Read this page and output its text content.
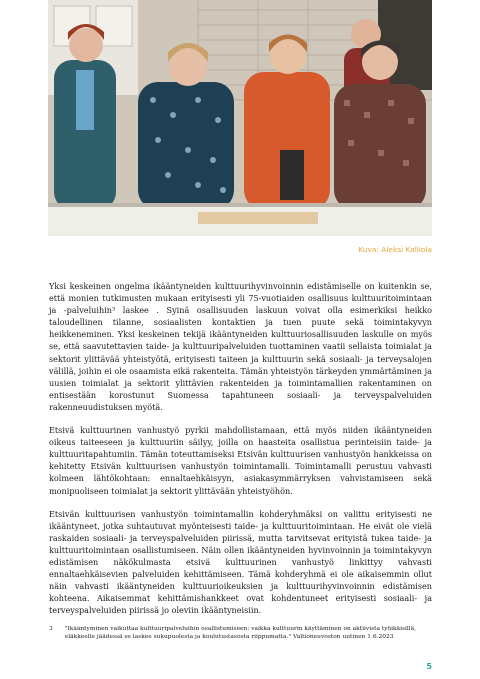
Kuva: Aleksi Kalliola

Yksi keskeinen ongelma ikääntyneiden kulttuurihyvinvoinnin edistämiselle on kuitenkin se, että monien tutkimusten mukaan erityisesti yli 75-vuotiaiden osallisuus kulttuuritoimintaan ja -palveluihin³ laskee . Syinä osallisuuden laskuun voivat olla esimerkiksi heikko taloudellinen tilanne, sosiaalisten kontaktien ja tuen puute sekä toimintakyvyn heikkeneminen. Yksi keskeinen tekijä ikääntyneiden kulttuuriosallisuuden laskulle on myös se, että saavutettavien taide- ja kulttuuripalveluiden tuottaminen vaatii sellaista toimialat ja sektorit ylittävää yhteistyötä, erityisesti taiteen ja kulttuurin sekä sosiaali- ja terveysalojen välillä, joihin ei ole osaamista eikä rakenteita. Tämän yhteistyön tärkeyden ymmärtäminen ja uusien toimialat ja sektorit ylittävien rakenteiden ja toimintamallien rakentaminen on entisestään korostunut Suomessa tapahtuneen sosiaali- ja terveyspalveluiden rakenneuudistuksen myötä.

Etsivä kulttuurinen vanhustyö pyrkii mahdollistamaan, että myös niiden ikääntyneiden oikeus taiteeseen ja kulttuuriin säilyy, joilla on haasteita osallistua perinteisiin taide- ja kulttuuritapahtumiin. Tämän toteuttamiseksi Etsivän kulttuurisen vanhustyön hankkeissa on kehitetty Etsivän kulttuurisen vanhustyön toimintamalli. Toimintamalli perustuu vahvasti kolmeen lähtökohtaan: ennaltaehkäisyyn, asiakasymmärryksen vahvistamiseen sekä monipuoliseen toimialat ja sektorit ylittävään yhteistyöhön.

Etsivän kulttuurisen vanhustyön toimintamallin kohderyhmäksi on valittu erityisesti ne ikääntyneet, jotka suhtautuvat myönteisesti taide- ja kulttuuritoimintaan. He eivät ole vielä raskaiden sosiaali- ja terveyspalveluiden piirissä, mutta tarvitsevat erityistä tukea taide- ja kulttuuritoimintaan osallistumiseen. Näin ollen ikääntyneiden hyvinvoinnin ja toimintakyvyn edistämisen näkökulmasta etsivä kulttuurinen vanhustyö linkittyy vahvasti ennaltaehkäisevien palveluiden kehittämiseen. Tämä kohderyhmä ei ole aikaisemmin ollut näin vahvasti ikääntyneiden kulttuurioikeuksien ja kulttuurihyvinvoinnin edistämisen kohteena. Aikaisemmat kehittämishankkeet ovat kohdentuneet erityisesti sosiaali- ja terveyspalveluiden piirissä jo oleviin ikääntyneisiin.

3 "Ikääntyminen vaikuttaa kulttuuripalveluihin osallistumiseen: vaikka kulttuurin käyttäminen on aktiivista työikäisillä, eläkkeelle jäädessä se laskee sukupuolesta ja koulutustasosta riippumatta." Valtioneuvoston uutinen 1.6.2023
5
